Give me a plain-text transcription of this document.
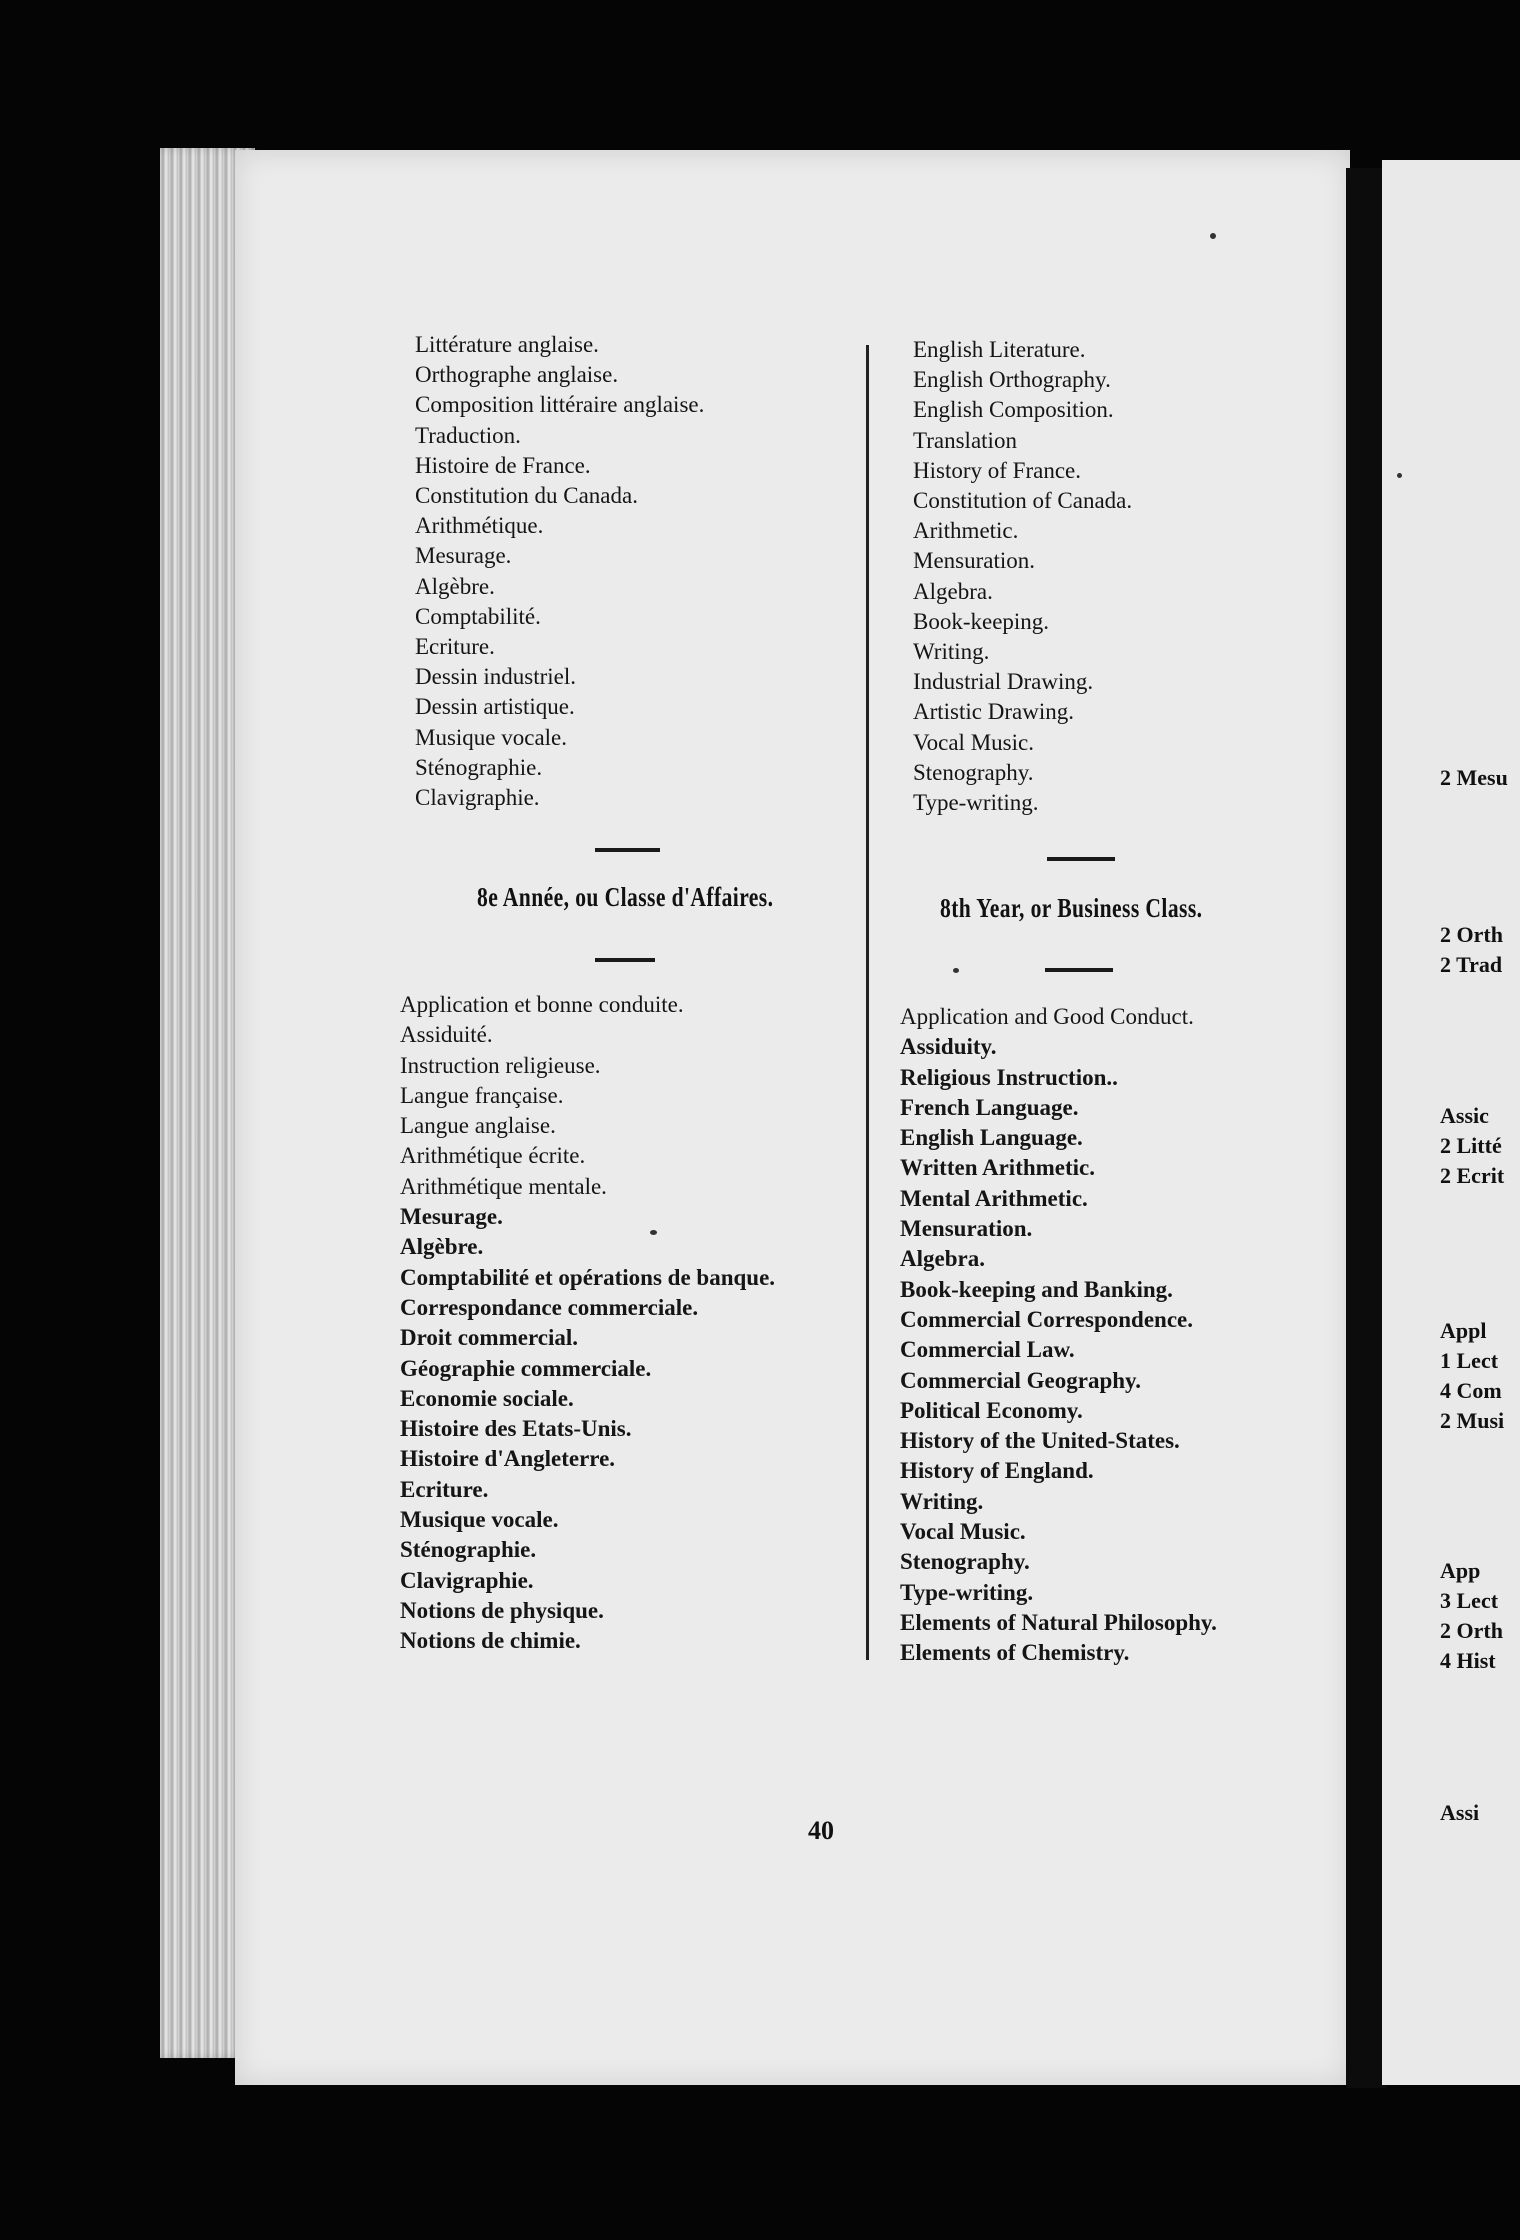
Littérature anglaise.
Orthographe anglaise.
Composition littéraire anglaise.
Traduction.
Histoire de France.
Constitution du Canada.
Arithmétique.
Mesurage.
Algèbre.
Comptabilité.
Ecriture.
Dessin industriel.
Dessin artistique.
Musique vocale.
Sténographie.
Clavigraphie.
English Literature.
English Orthography.
English Composition.
Translation
History of France.
Constitution of Canada.
Arithmetic.
Mensuration.
Algebra.
Book-keeping.
Writing.
Industrial Drawing.
Artistic Drawing.
Vocal Music.
Stenography.
Type-writing.
8e Année, ou Classe d'Affaires.	8th Year, or Business Class.
Application et bonne conduite.
Assiduité.
Instruction religieuse.
Langue française.
Langue anglaise.
Arithmétique écrite.
Arithmétique mentale.
Mesurage.
Algèbre.
Comptabilité et opérations de banque.
Correspondance commerciale.
Droit commercial.
Géographie commerciale.
Economie sociale.
Histoire des Etats-Unis.
Histoire d'Angleterre.
Ecriture.
Musique vocale.
Sténographie.
Clavigraphie.
Notions de physique.
Notions de chimie.
Application and Good Conduct.
Assiduity.
Religious Instruction..
French Language.
English Language.
Written Arithmetic.
Mental Arithmetic.
Mensuration.
Algebra.
Book-keeping and Banking.
Commercial Correspondence.
Commercial Law.
Commercial Geography.
Political Economy.
History of the United-States.
History of England.
Writing.
Vocal Music.
Stenography.
Type-writing.
Elements of Natural Philosophy.
Elements of Chemistry.
40
2 Mesu
2 Orth
2 Trad
Assic
2 Litté
2 Ecrit
Appl
1 Lect
4 Com
2 Musi
App
3 Lect
2 Orth
4 Hist
Assi
